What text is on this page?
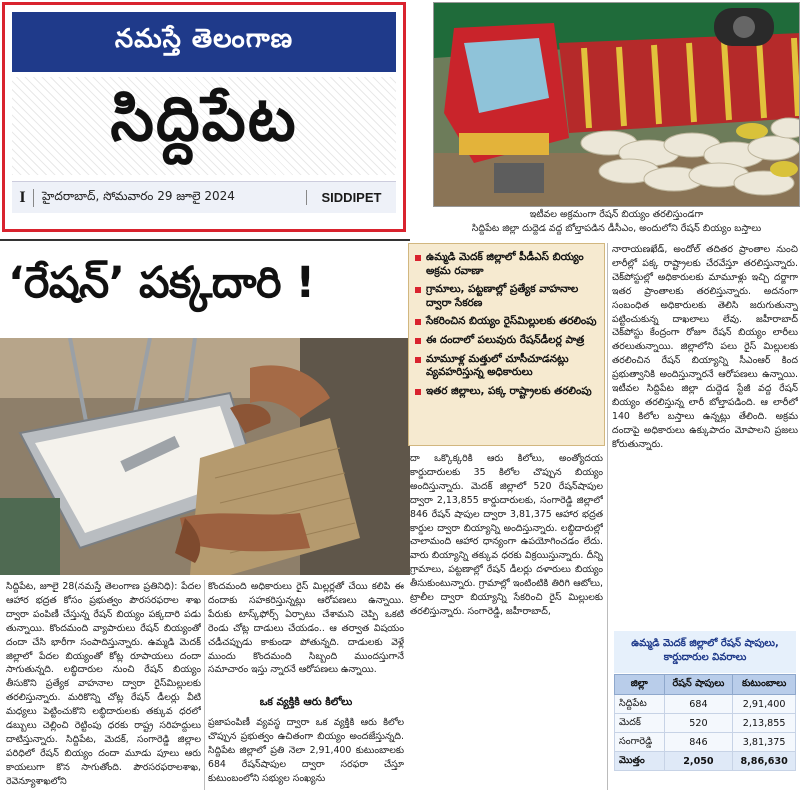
నమస్తే తెలంగాణ
సిద్దిపేట
I	హైదరాబాద్, సోమవారం 29 జూలై 2024	SIDDIPET
ఇటీవల అక్రమంగా రేషన్ బియ్యం తరలిస్తుండగా
సిద్దిపేట జిల్లా దుద్దెడ వద్ద బోల్తాపడిన డీసీఎం, అందులోని రేషన్ బియ్యం బస్తాలు
‘రేషన్’ పక్కదారి !
సిద్దిపేట, జూలై 28(నమస్తే తెలంగాణ ప్రతినిధి): పేదల ఆహార భద్రత కోసం ప్రభుత్వం పౌరసరఫరాల శాఖ ద్వారా పంపిణీ చేస్తున్న రేషన్ బియ్యం పక్కదారి పడు తున్నాయి. కొందమంది వ్యాపారులు రేషన్ బియ్యంతో దందా చేసి భారీగా సంపాదిస్తున్నారు. ఉమ్మడి మెదక్ జిల్లాలో పేదల బియ్యంతో కోట్ల రూపాయలు దందా సాగుతున్నది. లబ్ధిదారుల నుంచి రేషన్ బియ్యం తీసుకొని ప్రత్యేక వాహనాల ద్వారా రైస్‌మిల్లులకు తరలిస్తున్నారు. మరికొన్ని చోట్ల రేషన్ డీలర్లు వీటి మధ్యలు పెట్టించుకొని లబ్ధిదారులకు తక్కువ ధరలో డబ్బులు చెల్లించి రెట్టింపు ధరకు రాష్ట్ర సరిహద్దులు దాటిస్తున్నారు. సిద్దిపేట, మెదక్, సంగారెడ్డి జిల్లాల పరిధిలో రేషన్ బియ్యం దందా మూడు పూలు ఆరు కాయలుగా కొన సాగుతోంది. పౌరసరఫరాలశాఖ, రెవెన్యూశాఖలోని
కొందమంది అధికారులు రైస్ మిల్లర్లతో చేయి కలిపి ఈ దందాకు సహకరిస్తున్నట్లు ఆరోపణలు ఉన్నాయి. పేరుకు టాస్క్‌ఫోర్స్ ఏర్పాటు చేశామని చెప్పి ఒకటి రెండు చోట్ల దాడులు చేయడం.. ఆ తర్వాత విషయం చడీచప్పుడు కాకుండా పోతున్నది. దాడులకు వెళ్లే ముందు కొందమంది సిబ్బంది ముందస్తుగానే సమాచారం ఇస్తు న్నారనే ఆరోపణలు ఉన్నాయి.
ఒక వ్యక్తికి ఆరు కిలోలు
ప్రజాపంపిణీ వ్యవస్థ ద్వారా ఒక వ్యక్తికి ఆరు కిలోల చొప్పున ప్రభుత్వం ఉచితంగా బియ్యం అందజేస్తున్నది. సిద్దిపేట జిల్లాలో ప్రతి నెలా 2,91,400 కుటుంబాలకు 684 రేషన్‌షాపుల ద్వారా సరఫరా చేస్తూ కుటుంబంలోని సభ్యుల సంఖ్యను
ఉమ్మడి మెదక్ జిల్లాలో పీడీఎస్ బియ్యం అక్రమ రవాణా
గ్రామాలు, పట్టణాల్లో ప్రత్యేక వాహనాల ద్వారా సేకరణ
సేకరించిన బియ్యం రైస్‌మిల్లులకు తరలింపు
ఈ దందాలో పలువురు రేషన్‌డీలర్ల పాత్ర
మామూళ్ల మత్తులో చూసీచూడనట్లు వ్యవహరిస్తున్న అధికారులు
ఇతర జిల్లాలు, పక్క రాష్ట్రాలకు తరలింపు
దా ఒక్కొక్కరికి ఆరు కిలోలు, అంత్యోదయ కార్డుదారులకు 35 కిలోల చొప్పున బియ్యం అందిస్తున్నారు. మెదక్ జిల్లాలో 520 రేషన్‌షాపుల ద్వారా 2,13,855 కార్డుదారులకు, సంగారెడ్డి జిల్లాలో 846 రేషన్ షాపుల ద్వారా 3,81,375 ఆహార భద్రత కార్డుల ద్వారా బియ్యాన్ని అందిస్తున్నారు. లబ్ధిదారుల్లో చాలామంది ఆహార ధాన్యంగా ఉపయోగించడం లేదు. వారు బియ్యాన్ని తక్కువ ధరకు విక్రయిస్తున్నారు. దీన్ని గ్రామాలు, పట్టణాల్లో రేషన్ డీలర్లు దళారులు బియ్యం తీసుకుంటున్నారు. గ్రామాల్లో ఇంటింటికి తిరిగి ఆటోలు, ట్రాలీల ద్వారా బియ్యాన్ని సేకరించి రైస్ మిల్లులకు తరలిస్తున్నారు. సంగారెడ్డి, జహీరాబాద్,
నారాయణఖేడ్, అందోల్ తదితర ప్రాంతాల నుంచి లారీల్లో పక్క రాష్ట్రాలకు చేరవేస్తూ తరలిస్తున్నారు. చెక్‌పోస్టుల్లో అధికారులకు మామూళ్లు ఇచ్చి దర్జాగా ఇతర ప్రాంతాలకు తరలిస్తున్నారు. అదనంగా సంబంధిత అధికారులకు తెలిసి జరుగుతున్నా పట్టించుకున్న దాఖలాలు లేవు. జహీరాబాద్ చెక్‌పోస్టు కేంద్రంగా రోజూ రేషన్ బియ్యం లారీలు తరలుతున్నాయి. జిల్లాలోని పలు రైస్ మిల్లులకు తరలించిన రేషన్ బియ్యాన్ని సీఎంఆర్ కింద ప్రభుత్వానికి అందిస్తున్నారనే ఆరోపణలు ఉన్నాయి. ఇటీవల సిద్దిపేట జిల్లా దుద్దెడ స్టేజీ వద్ద రేషన్ బియ్యం తరలిస్తున్న లారీ బోల్తాపడింది. ఆ లారీలో 140 కిలోల బస్తాలు ఉన్నట్లు తేలింది. అక్రమ దందాపై అధికారులు ఉక్కుపాదం మోపాలని ప్రజలు కోరుతున్నారు.
ఉమ్మడి మెదక్ జిల్లాలో రేషన్ షాపులు,
కార్డుదారుల వివరాలు
జిల్లా	రేషన్ షాపులు	కుటుంబాలు
సిద్దిపేట	684	2,91,400
మెదక్	520	2,13,855
సంగారెడ్డి	846	3,81,375
మొత్తం	2,050	8,86,630
